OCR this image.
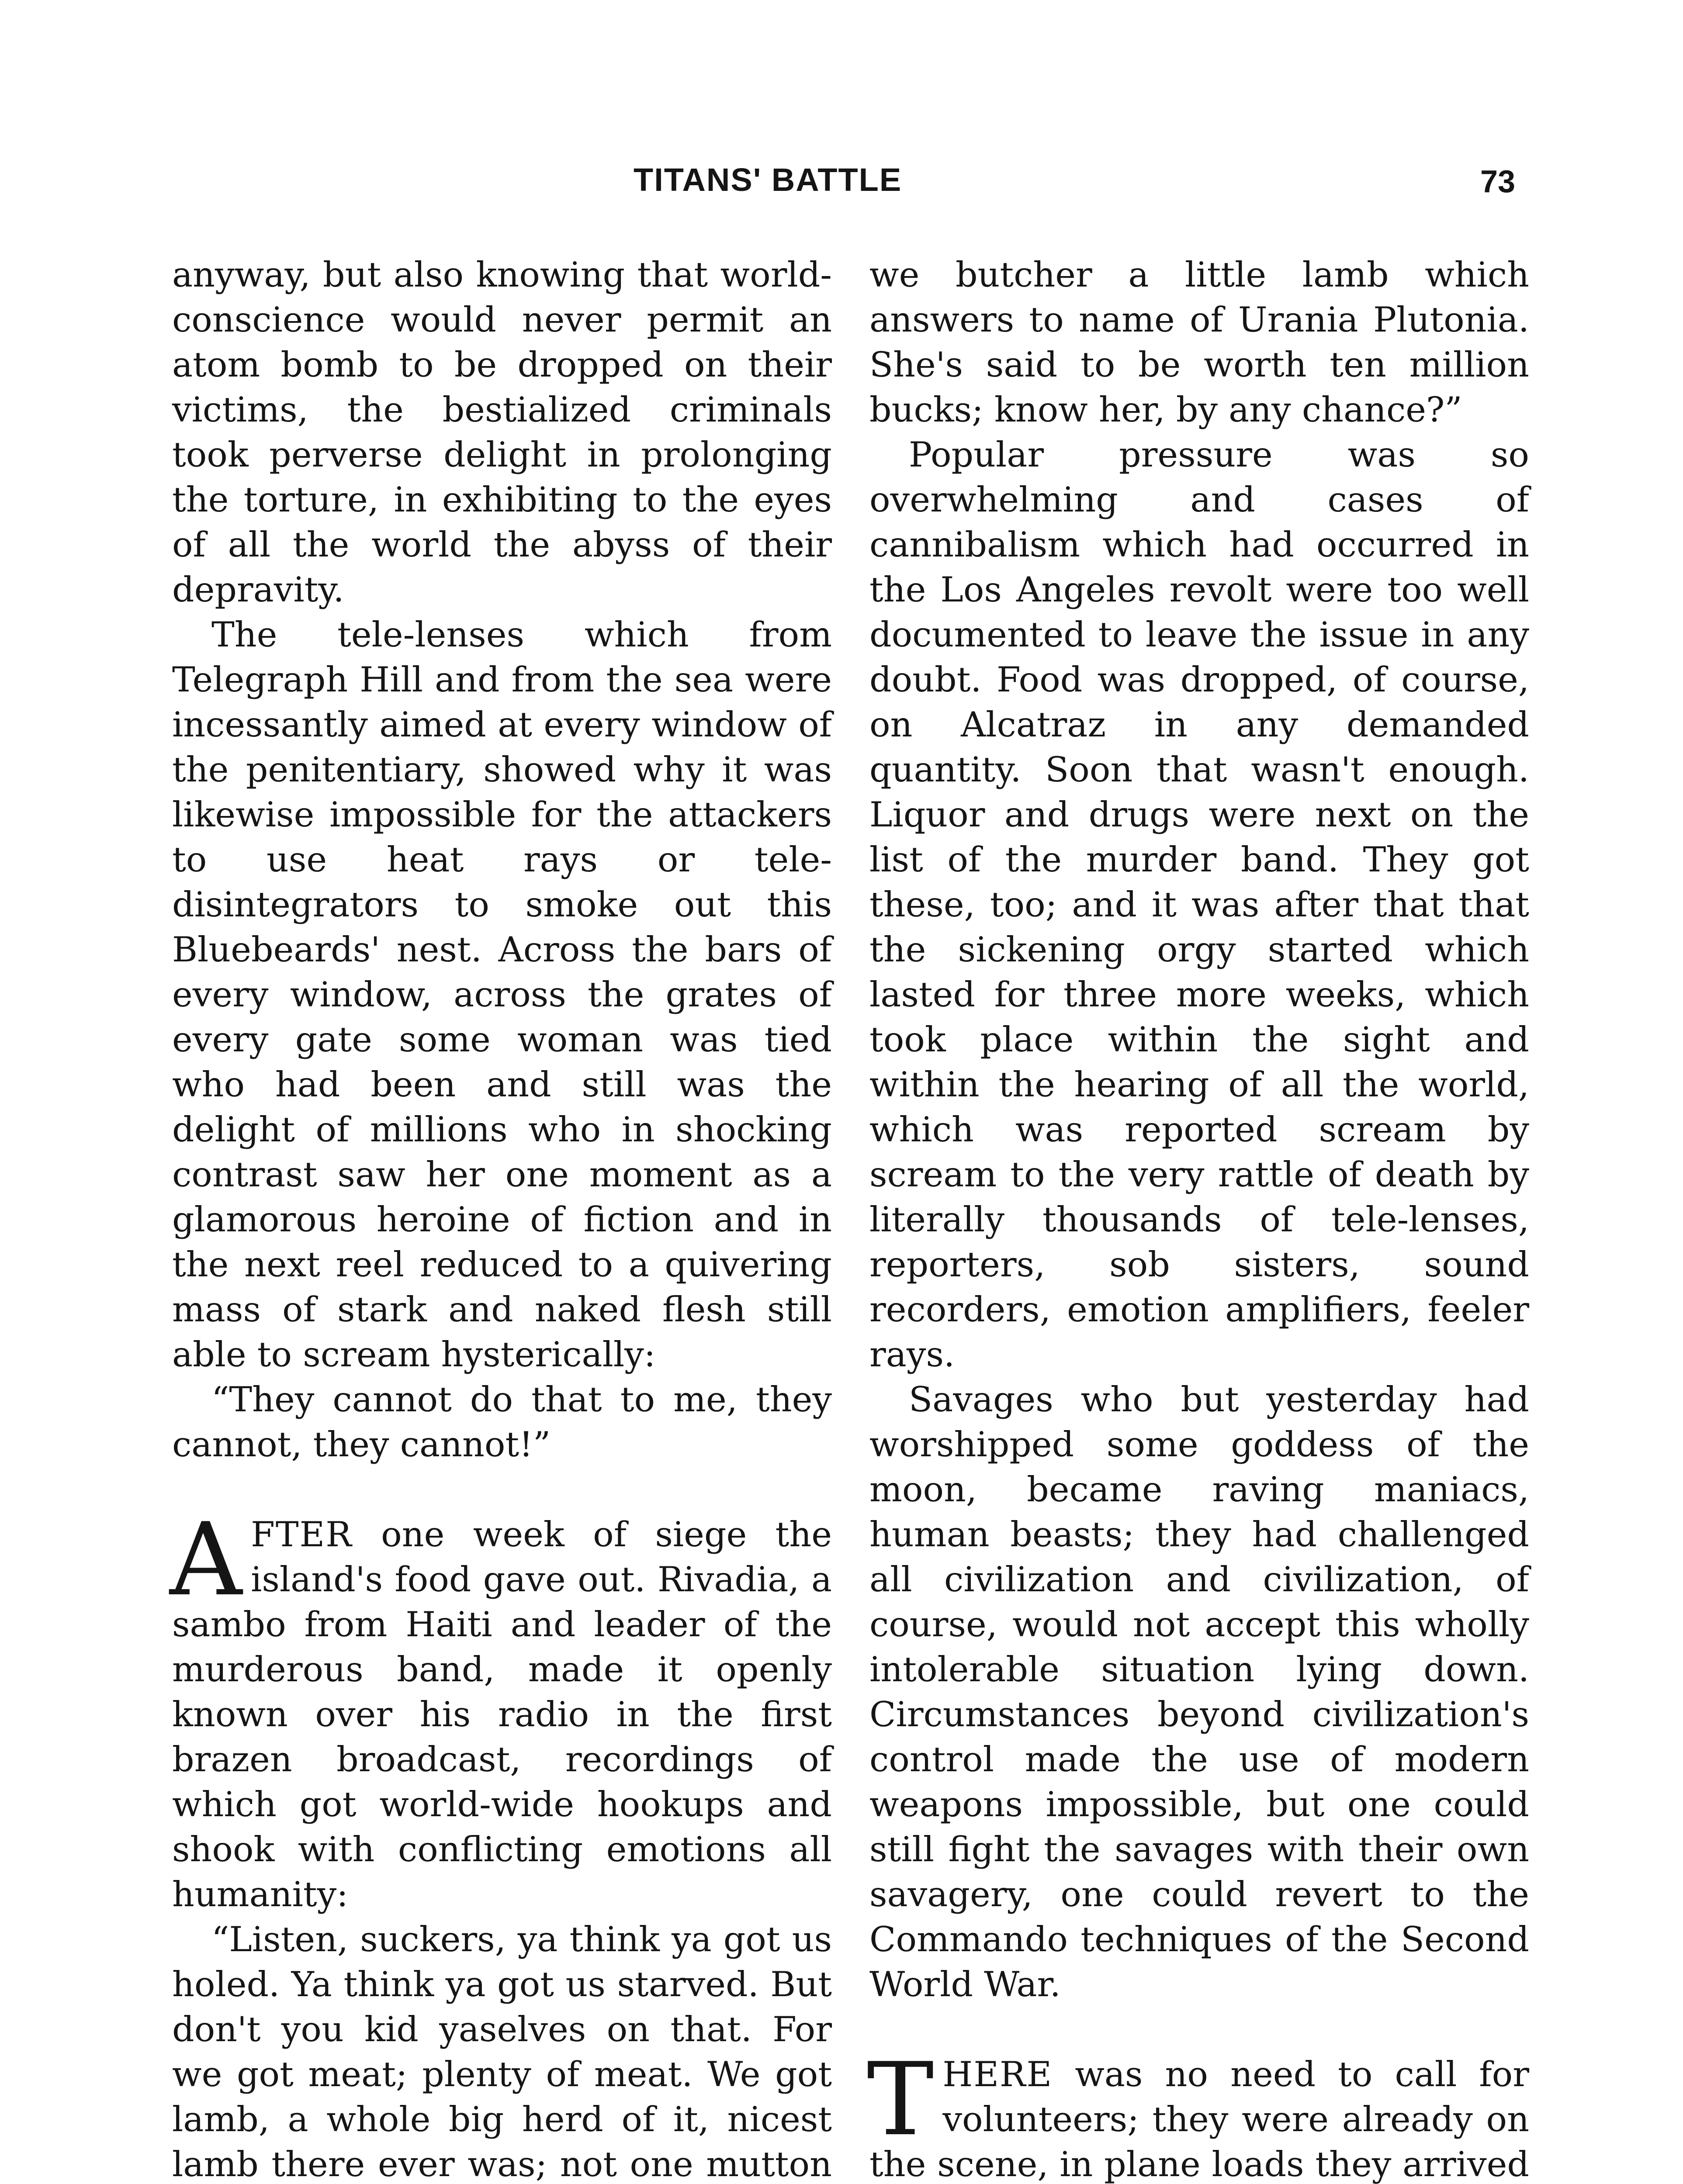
TITANS' BATTLE	73

anyway, but also knowing that world-conscience would never permit an atom bomb to be dropped on their victims, the bestialized criminals took perverse delight in prolonging the torture, in exhibiting to the eyes of all the world the abyss of their depravity.

The tele-lenses which from Telegraph Hill and from the sea were incessantly aimed at every window of the penitentiary, showed why it was likewise impossible for the attackers to use heat rays or tele-disintegrators to smoke out this Bluebeards' nest. Across the bars of every window, across the grates of every gate some woman was tied who had been and still was the delight of millions who in shocking contrast saw her one moment as a glamorous heroine of fiction and in the next reel reduced to a quivering mass of stark and naked flesh still able to scream hysterically:

“They cannot do that to me, they cannot, they cannot!”

AFTER one week of siege the island's food gave out. Rivadia, a sambo from Haiti and leader of the murderous band, made it openly known over his radio in the first brazen broadcast, recordings of which got world-wide hookups and shook with conflicting emotions all humanity:

“Listen, suckers, ya think ya got us holed. Ya think ya got us starved. But don't you kid yaselves on that. For we got meat; plenty of meat. We got lamb, a whole big herd of it, nicest lamb there ever was; not one mutton

we butcher a little lamb which answers to name of Urania Plutonia. She's said to be worth ten million bucks; know her, by any chance?”

Popular pressure was so overwhelming and cases of cannibalism which had occurred in the Los Angeles revolt were too well documented to leave the issue in any doubt. Food was dropped, of course, on Alcatraz in any demanded quantity. Soon that wasn't enough. Liquor and drugs were next on the list of the murder band. They got these, too; and it was after that that the sickening orgy started which lasted for three more weeks, which took place within the sight and within the hearing of all the world, which was reported scream by scream to the very rattle of death by literally thousands of tele-lenses, reporters, sob sisters, sound recorders, emotion amplifiers, feeler rays.

Savages who but yesterday had worshipped some goddess of the moon, became raving maniacs, human beasts; they had challenged all civilization and civilization, of course, would not accept this wholly intolerable situation lying down. Circumstances beyond civilization's control made the use of modern weapons impossible, but one could still fight the savages with their own savagery, one could revert to the Commando techniques of the Second World War.

THERE was no need to call for volunteers; they were already on the scene, in plane loads they arrived
